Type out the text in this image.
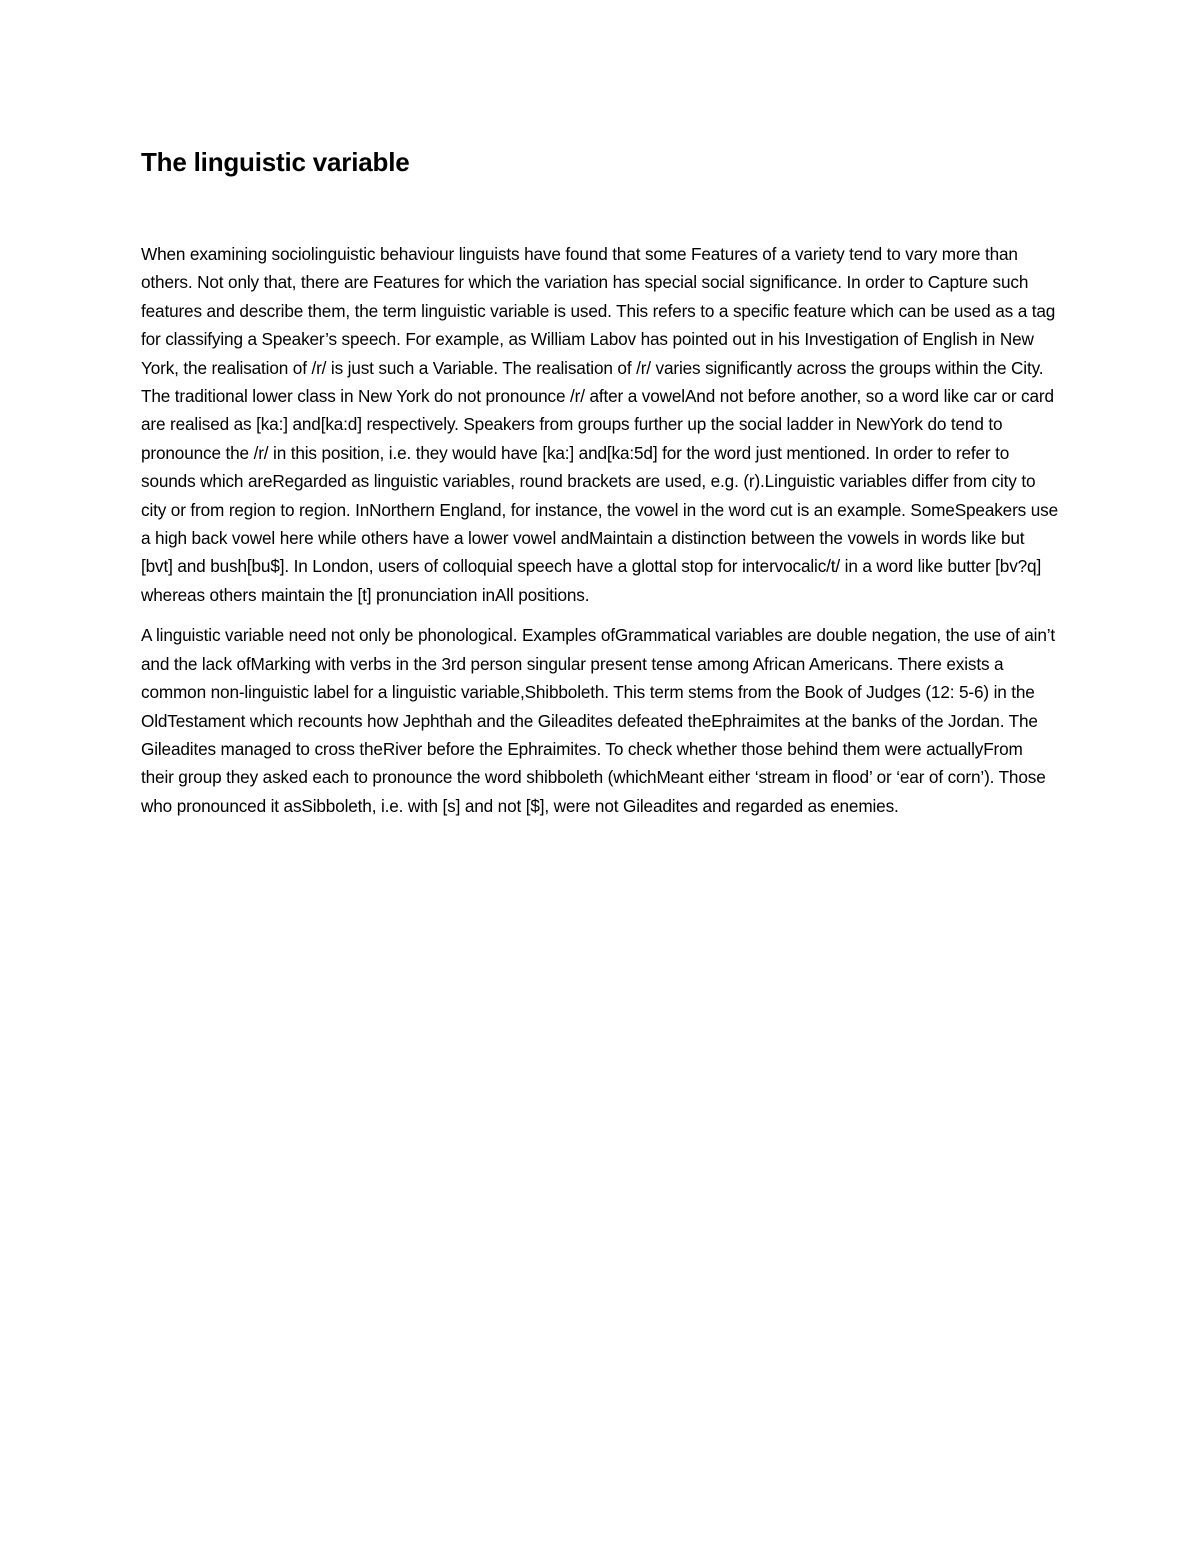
The linguistic variable

When examining sociolinguistic behaviour linguists have found that some Features of a variety tend to vary more than others. Not only that, there are Features for which the variation has special social significance. In order to Capture such features and describe them, the term linguistic variable is used. This refers to a specific feature which can be used as a tag for classifying a Speaker’s speech. For example, as William Labov has pointed out in his Investigation of English in New York, the realisation of /r/ is just such a Variable. The realisation of /r/ varies significantly across the groups within the City. The traditional lower class in New York do not pronounce /r/ after a vowelAnd not before another, so a word like car or card are realised as [ka:] and[ka:d] respectively. Speakers from groups further up the social ladder in NewYork do tend to pronounce the /r/ in this position, i.e. they would have [ka:] and[ka:5d] for the word just mentioned. In order to refer to sounds which areRegarded as linguistic variables, round brackets are used, e.g. (r).Linguistic variables differ from city to city or from region to region. InNorthern England, for instance, the vowel in the word cut is an example. SomeSpeakers use a high back vowel here while others have a lower vowel andMaintain a distinction between the vowels in words like but [bvt] and bush[bu$]. In London, users of colloquial speech have a glottal stop for intervocalic/t/ in a word like butter [bv?q] whereas others maintain the [t] pronunciation inAll positions.

A linguistic variable need not only be phonological. Examples ofGrammatical variables are double negation, the use of ain’t and the lack ofMarking with verbs in the 3rd person singular present tense among African Americans. There exists a common non-linguistic label for a linguistic variable,Shibboleth. This term stems from the Book of Judges (12: 5-6) in the OldTestament which recounts how Jephthah and the Gileadites defeated theEphraimites at the banks of the Jordan. The Gileadites managed to cross theRiver before the Ephraimites. To check whether those behind them were actuallyFrom their group they asked each to pronounce the word shibboleth (whichMeant either ‘stream in flood’ or ‘ear of corn’). Those who pronounced it asSibboleth, i.e. with [s] and not [$], were not Gileadites and regarded as enemies.
